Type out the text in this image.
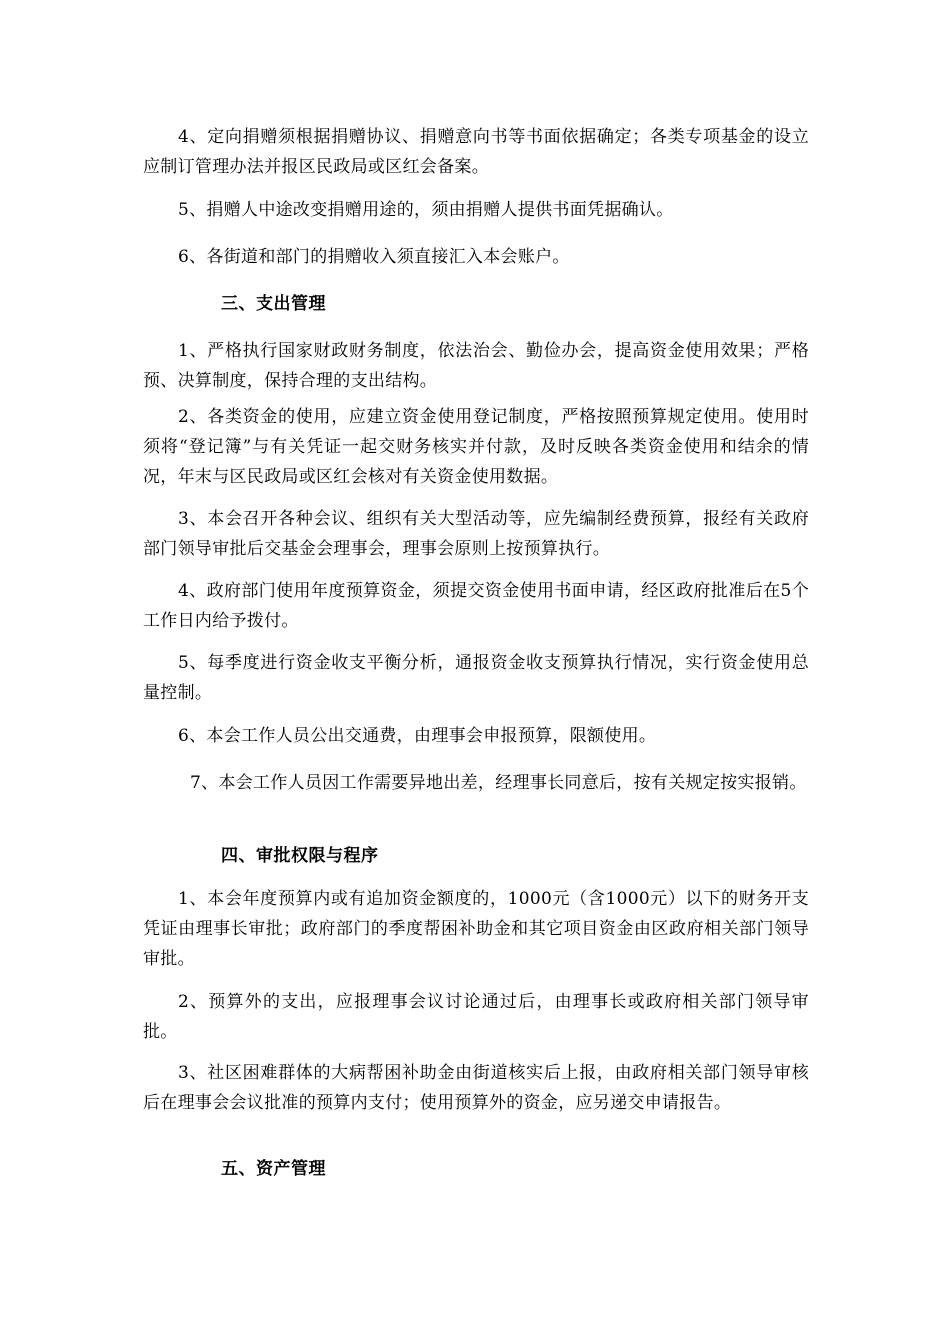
4、定向捐赠须根据捐赠协议、捐赠意向书等书面依据确定；各类专项基金的设立应制订管理办法并报区民政局或区红会备案。

5、捐赠人中途改变捐赠用途的，须由捐赠人提供书面凭据确认。

6、各街道和部门的捐赠收入须直接汇入本会账户。

三、支出管理

1、严格执行国家财政财务制度，依法治会、勤俭办会，提高资金使用效果；严格预、决算制度，保持合理的支出结构。

2、各类资金的使用，应建立资金使用登记制度，严格按照预算规定使用。使用时须将“登记簿”与有关凭证一起交财务核实并付款，及时反映各类资金使用和结余的情况，年末与区民政局或区红会核对有关资金使用数据。

3、本会召开各种会议、组织有关大型活动等，应先编制经费预算，报经有关政府部门领导审批后交基金会理事会，理事会原则上按预算执行。

4、政府部门使用年度预算资金，须提交资金使用书面申请，经区政府批准后在5个工作日内给予拨付。

5、每季度进行资金收支平衡分析，通报资金收支预算执行情况，实行资金使用总量控制。

6、本会工作人员公出交通费，由理事会申报预算，限额使用。

7、本会工作人员因工作需要异地出差，经理事长同意后，按有关规定按实报销。

四、审批权限与程序

1、本会年度预算内或有追加资金额度的，1000元（含1000元）以下的财务开支凭证由理事长审批；政府部门的季度帮困补助金和其它项目资金由区政府相关部门领导审批。

2、预算外的支出，应报理事会议讨论通过后，由理事长或政府相关部门领导审批。

3、社区困难群体的大病帮困补助金由街道核实后上报，由政府相关部门领导审核后在理事会会议批准的预算内支付；使用预算外的资金，应另递交申请报告。

五、资产管理
